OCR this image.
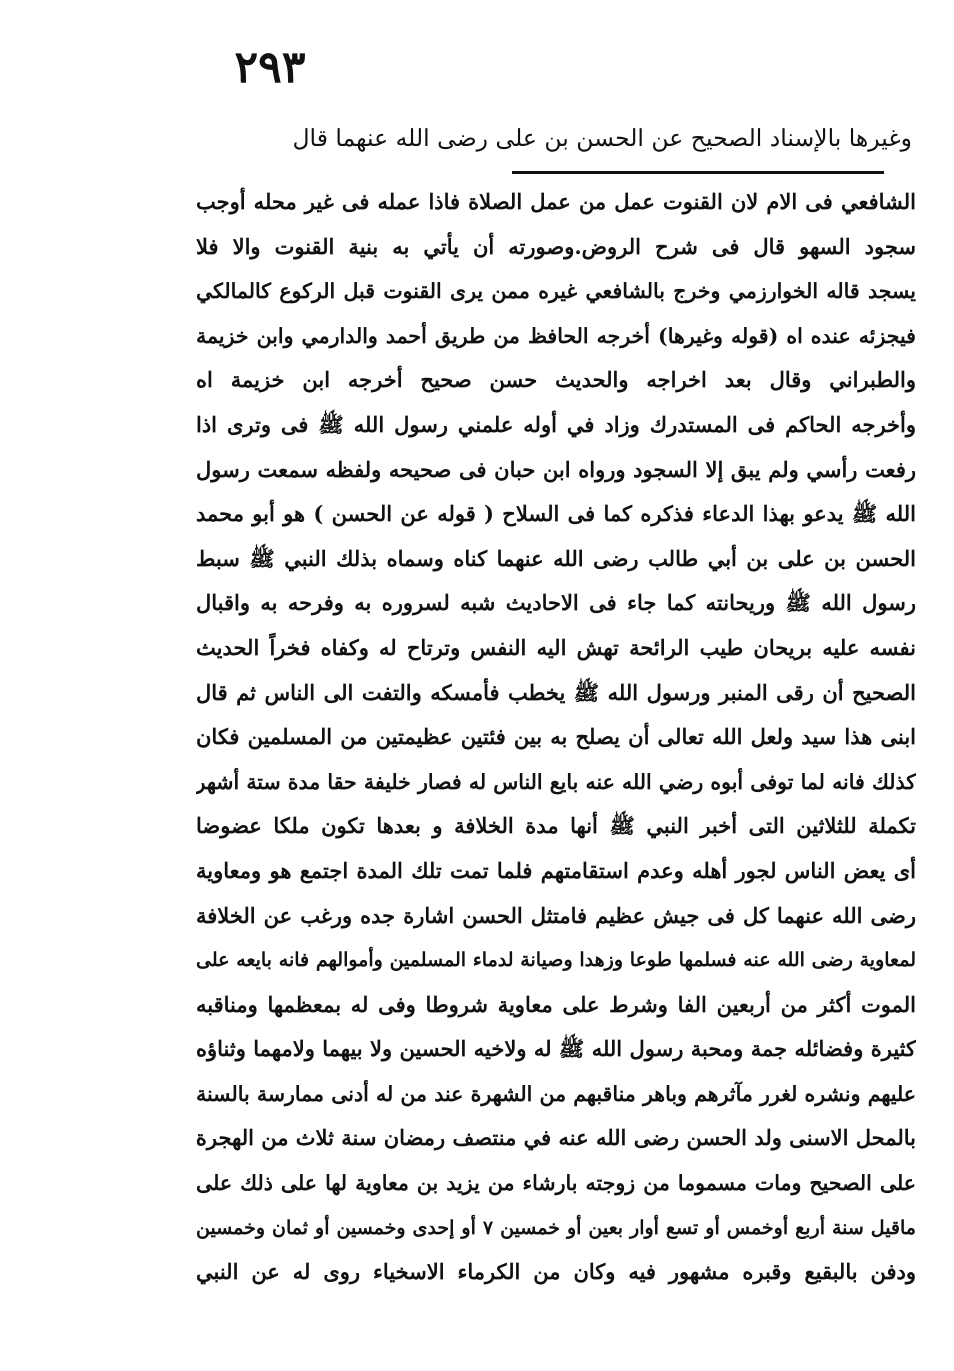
٢٩٣
وغيرها بالإسناد الصحيح عن الحسن بن على رضى الله عنهما قال
الشافعي فى الام لان القنوت عمل من عمل الصلاة فاذا عمله فى غير محله أوجب
سجود السهو قال فى شرح الروض.وصورته أن يأتي به بنية القنوت والا فلا
يسجد قاله الخوارزمي وخرج بالشافعي غيره ممن يرى القنوت قبل الركوع كالمالكي
فيجزئه عنده اه (قوله وغيرها) أخرجه الحافظ من طريق أحمد والدارمي وابن خزيمة
والطبراني وقال بعد اخراجه والحديث حسن صحيح أخرجه ابن خزيمة اه
وأخرجه الحاكم فى المستدرك وزاد في أوله علمني رسول الله ﷺ فى وترى اذا
رفعت رأسي ولم يبق إلا السجود ورواه ابن حبان فى صحيحه ولفظه سمعت رسول
الله ﷺ يدعو بهذا الدعاء فذكره كما فى السلاح ( قوله عن الحسن ) هو أبو محمد
الحسن بن على بن أبي طالب رضى الله عنهما كناه وسماه بذلك النبي ﷺ سبط
رسول الله ﷺ وريحانته كما جاء فى الاحاديث شبه لسروره به وفرحه به واقبال
نفسه عليه بريحان طيب الرائحة تهش اليه النفس وترتاح له وكفاه فخراً الحديث
الصحيح أن رقى المنبر ورسول الله ﷺ يخطب فأمسكه والتفت الى الناس ثم قال
ابنى هذا سيد ولعل الله تعالى أن يصلح به بين فئتين عظيمتين من المسلمين فكان
كذلك فانه لما توفى أبوه رضي الله عنه بايع الناس له فصار خليفة حقا مدة ستة أشهر
تكملة للثلاثين التى أخبر النبي ﷺ أنها مدة الخلافة و بعدها تكون ملكا عضوضا
أى يعض الناس لجور أهله وعدم استقامتهم فلما تمت تلك المدة اجتمع هو ومعاوية
رضى الله عنهما كل فى جيش عظيم فامتثل الحسن اشارة جده ورغب عن الخلافة
لمعاوية رضى الله عنه فسلمها طوعا وزهدا وصيانة لدماء المسلمين وأموالهم فانه بايعه على
الموت أكثر من أربعين الفا وشرط على معاوية شروطا وفى له بمعظمها ومناقبه
كثيرة وفضائله جمة ومحبة رسول الله ﷺ له ولاخيه الحسين ولا بيهما ولامهما وثناؤه
عليهم ونشره لغرر مآثرهم وباهر مناقبهم من الشهرة عند من له أدنى ممارسة بالسنة
بالمحل الاسنى ولد الحسن رضى الله عنه في منتصف رمضان سنة ثلاث من الهجرة
على الصحيح ومات مسموما من زوجته بارشاء من يزيد بن معاوية لها على ذلك على
ماقيل سنة أربع أوخمس أو تسع أوار بعين أو خمسين ٧ أو إحدى وخمسين أو ثمان وخمسين
ودفن بالبقيع وقبره مشهور فيه وكان من الكرماء الاسخياء روى له عن النبي
